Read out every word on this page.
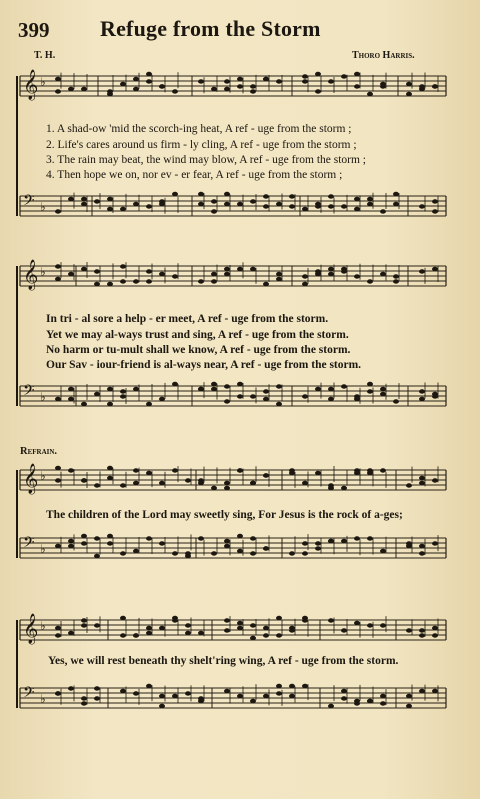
399 Refuge from the Storm
T. H.	Thoro Harris.
𝄞 ♭
𝄢 ♭
𝄞 ♭
𝄢 ♭
𝄞 ♭
𝄢 ♭
𝄞 ♭
𝄢 ♭
1. A shad-ow 'mid the scorch-ing heat, A ref - uge from the storm ;
2. Life's cares around us firm - ly cling, A ref - uge from the storm ;
3. The rain may beat, the wind may blow, A ref - uge from the storm ;
4. Then hope we on, nor ev - er fear, A ref - uge from the storm ;
In tri - al sore a help - er meet, A ref - uge from the storm.
Yet we may al-ways trust and sing, A ref - uge from the storm.
No harm or tu-mult shall we know, A ref - uge from the storm.
Our Sav - iour-friend is al-ways near, A ref - uge from the storm.
Refrain.
The children of the Lord may sweetly sing, For Jesus is the rock of a-ges;
Yes, we will rest beneath thy shelt'ring wing, A ref - uge from the storm.
